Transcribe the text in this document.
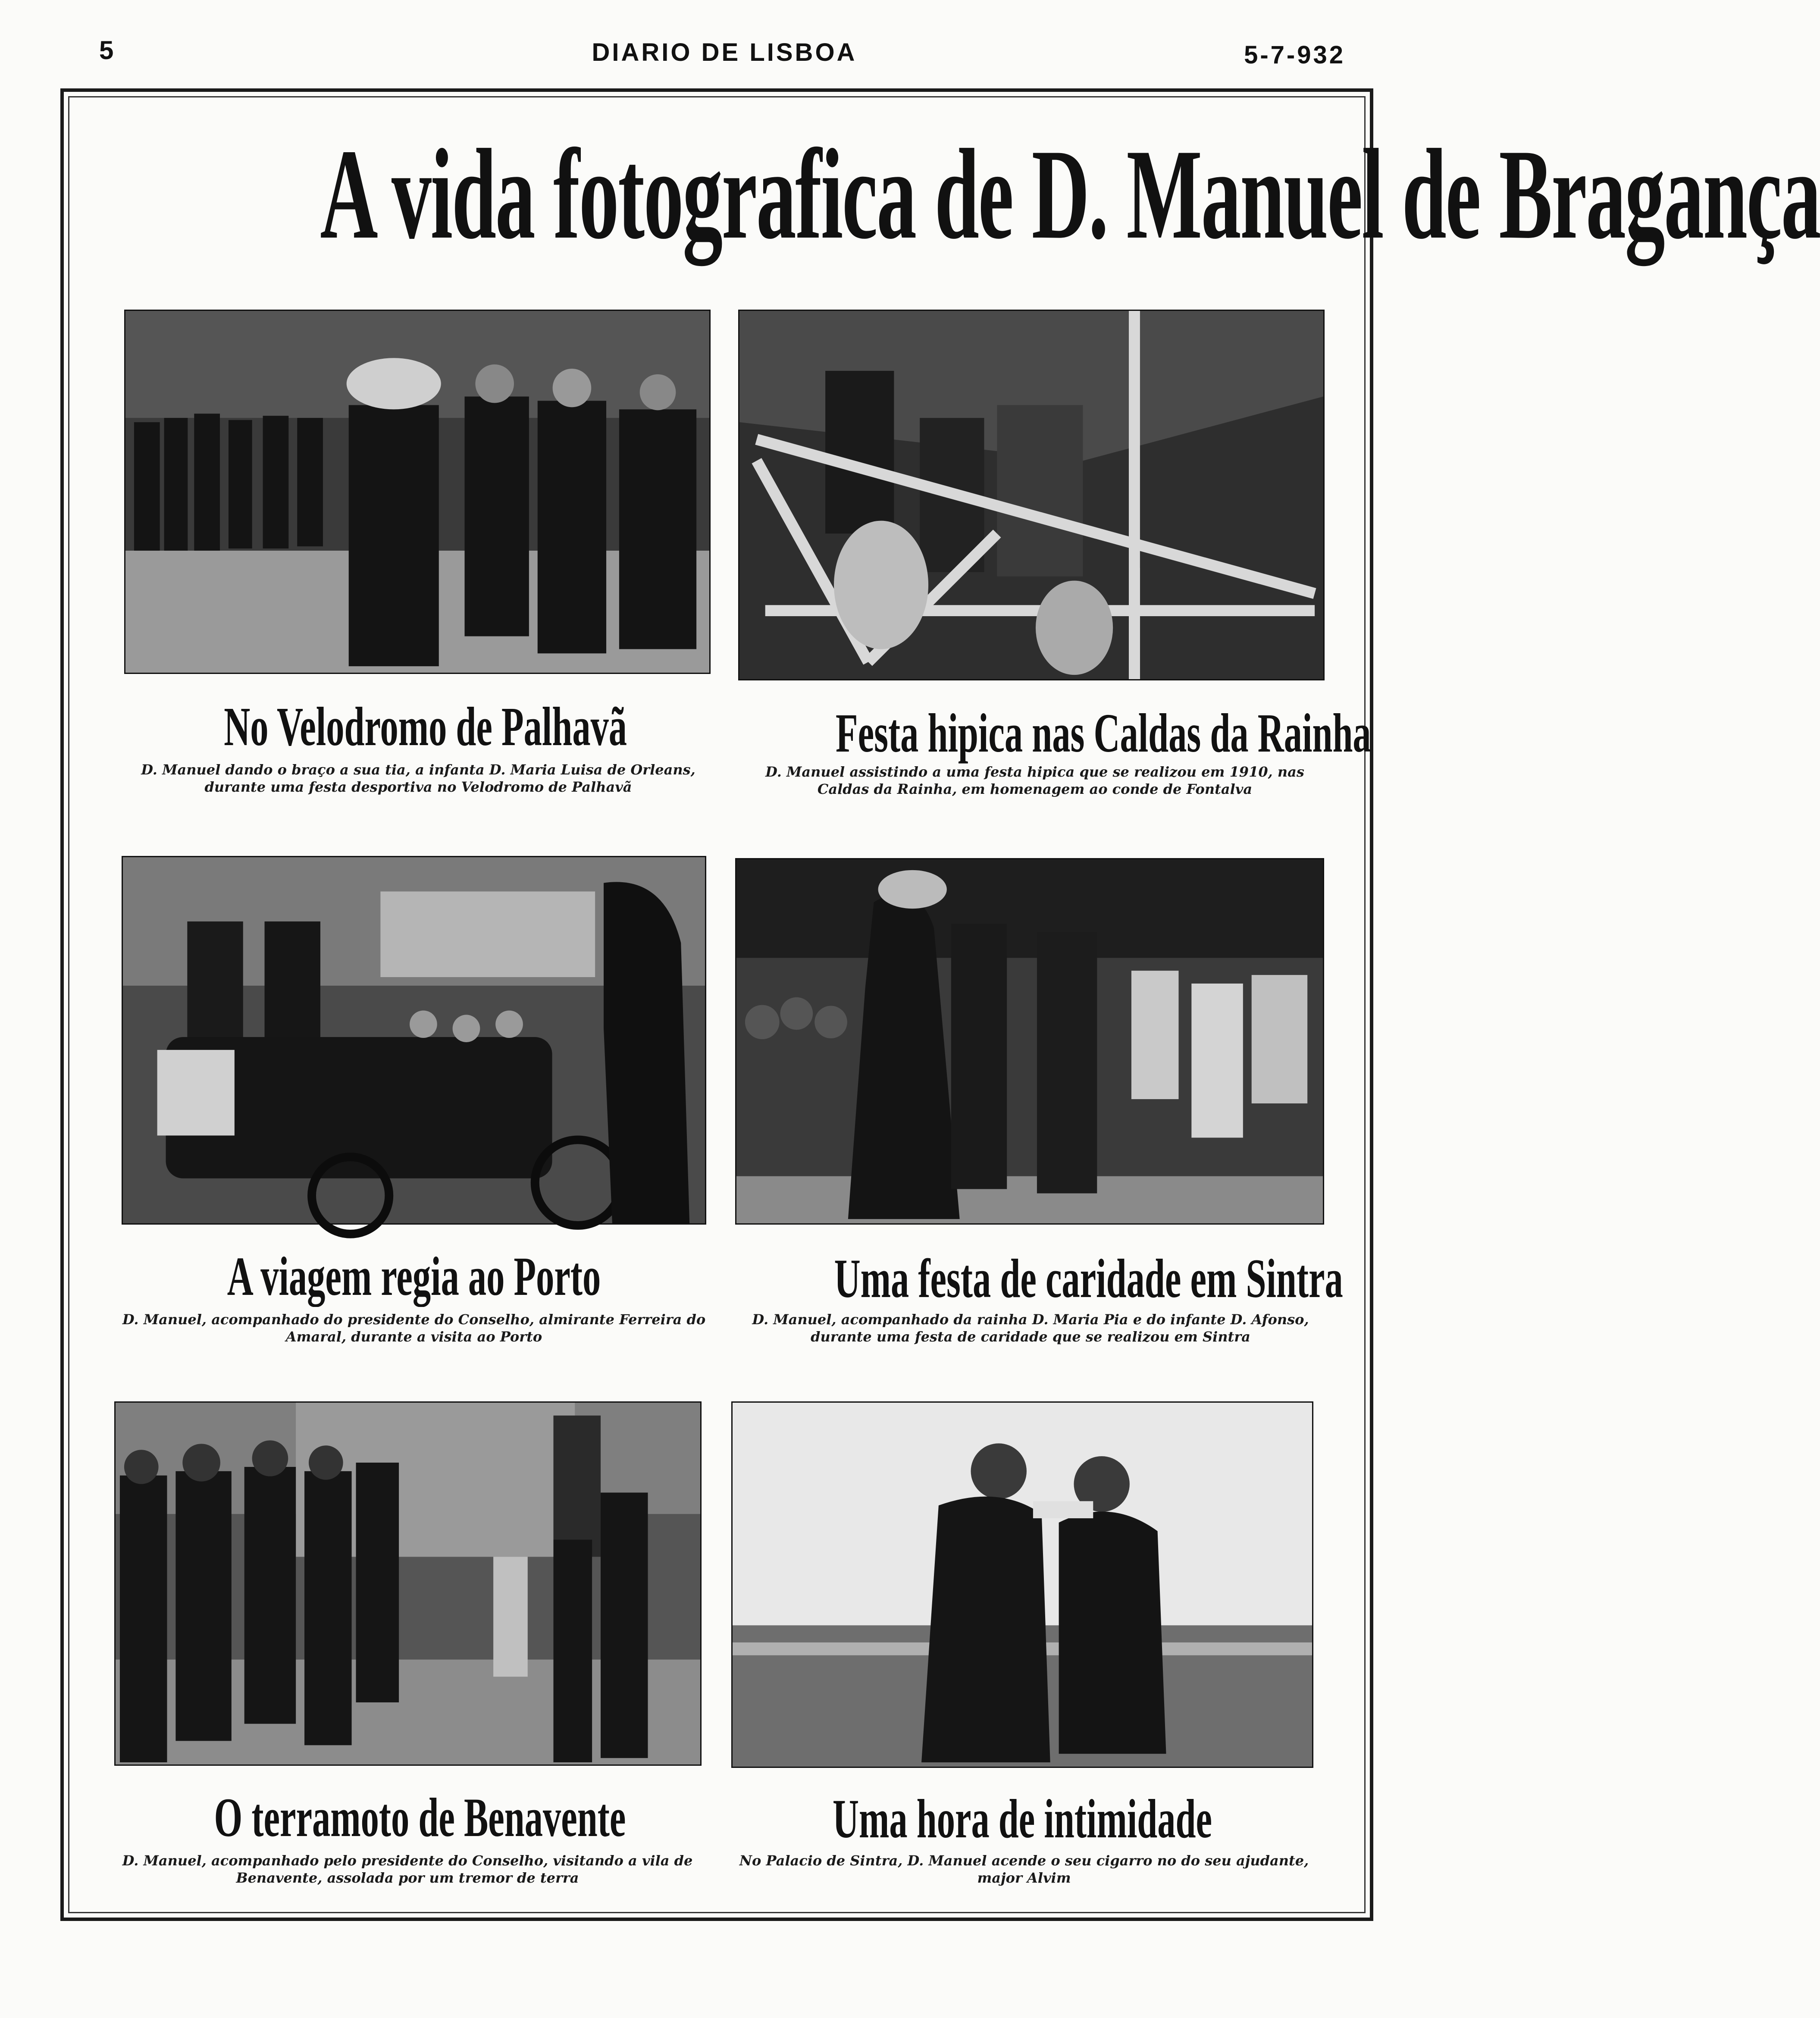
5	DIARIO DE LISBOA	5-7-932
A vida fotografica de D. Manuel de Bragança
No Velodromo de Palhavã
D. Manuel dando o braço a sua tia, a infanta D. Maria Luisa de Orleans, durante uma festa desportiva no Velodromo de Palhavã
Festa hipica nas Caldas da Rainha
D. Manuel assistindo a uma festa hipica que se realizou em 1910, nas Caldas da Rainha, em homenagem ao conde de Fontalva
A viagem regia ao Porto
D. Manuel, acompanhado do presidente do Conselho, almirante Ferreira do Amaral, durante a visita ao Porto
Uma festa de caridade em Sintra
D. Manuel, acompanhado da rainha D. Maria Pia e do infante D. Afonso, durante uma festa de caridade que se realizou em Sintra
O terramoto de Benavente
D. Manuel, acompanhado pelo presidente do Conselho, visitando a vila de Benavente, assolada por um tremor de terra
Uma hora de intimidade
No Palacio de Sintra, D. Manuel acende o seu cigarro no do seu ajudante, major Alvim
